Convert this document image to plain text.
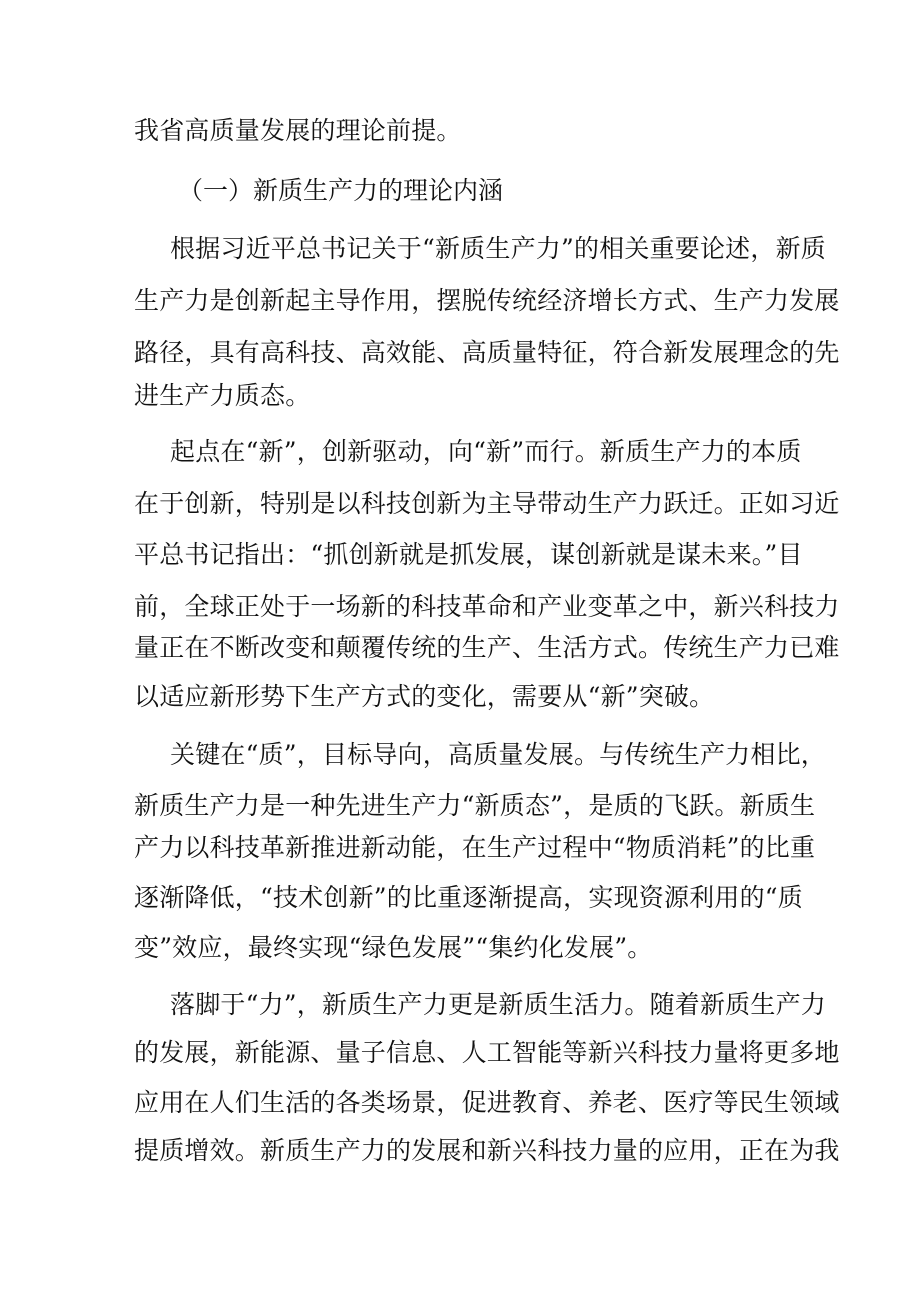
我省高质量发展的理论前提。
（一）新质生产力的理论内涵
根据习近平总书记关于“新质生产力”的相关重要论述，新质
生产力是创新起主导作用，摆脱传统经济增长方式、生产力发展
路径，具有高科技、高效能、高质量特征，符合新发展理念的先
进生产力质态。
起点在“新”，创新驱动，向“新”而行。新质生产力的本质
在于创新，特别是以科技创新为主导带动生产力跃迁。正如习近
平总书记指出：“抓创新就是抓发展，谋创新就是谋未来。”目
前，全球正处于一场新的科技革命和产业变革之中，新兴科技力
量正在不断改变和颠覆传统的生产、生活方式。传统生产力已难
以适应新形势下生产方式的变化，需要从“新”突破。
关键在“质”，目标导向，高质量发展。与传统生产力相比，
新质生产力是一种先进生产力“新质态”，是质的飞跃。新质生
产力以科技革新推进新动能，在生产过程中“物质消耗”的比重
逐渐降低，“技术创新”的比重逐渐提高，实现资源利用的“质
变”效应，最终实现“绿色发展”“集约化发展”。
落脚于“力”，新质生产力更是新质生活力。随着新质生产力
的发展，新能源、量子信息、人工智能等新兴科技力量将更多地
应用在人们生活的各类场景，促进教育、养老、医疗等民生领域
提质增效。新质生产力的发展和新兴科技力量的应用，正在为我
